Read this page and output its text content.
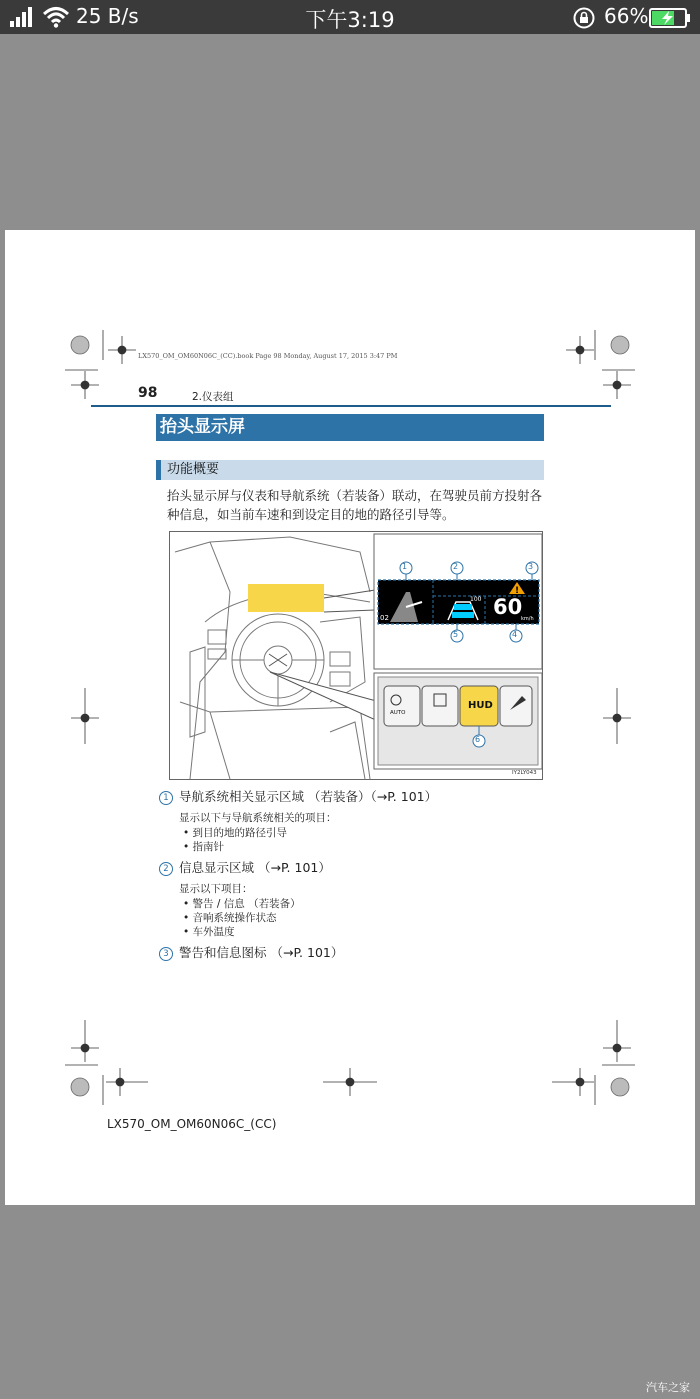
25 B/s	下午3:19	66%
LX570_OM_OM60N06C_(CC).book Page 98 Monday, August 17, 2015 3:47 PM
98	2.仪表组
抬头显示屏
功能概要
抬头显示屏与仪表和导航系统（若装备）联动，在驾驶员前方投射各种信息，如当前车速和到设定目的地的路径引导等。
!
1	2	3
4
5
6
60
km/h
100
02
HUD
AUTO
IY2LY043
1 导航系统相关显示区域 （若装备）（→P. 101）
显示以下与导航系统相关的项目：
• 到目的地的路径引导
• 指南针
2 信息显示区域 （→P. 101）
显示以下项目：
• 警告 / 信息 （若装备）
• 音响系统操作状态
• 车外温度
3 警告和信息图标 （→P. 101）
LX570_OM_OM60N06C_(CC)
汽车之家
